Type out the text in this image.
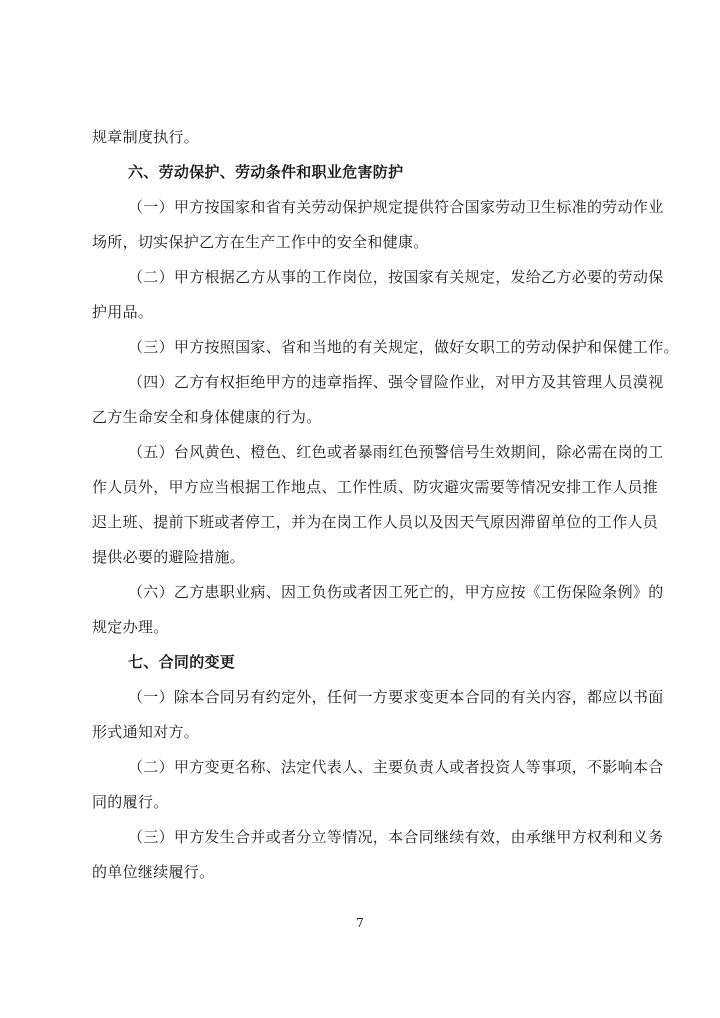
规章制度执行。
六、劳动保护、劳动条件和职业危害防护
（一）甲方按国家和省有关劳动保护规定提供符合国家劳动卫生标准的劳动作业
场所，切实保护乙方在生产工作中的安全和健康。
（二）甲方根据乙方从事的工作岗位，按国家有关规定，发给乙方必要的劳动保
护用品。
（三）甲方按照国家、省和当地的有关规定，做好女职工的劳动保护和保健工作。
（四）乙方有权拒绝甲方的违章指挥、强令冒险作业，对甲方及其管理人员漠视
乙方生命安全和身体健康的行为。
（五）台风黄色、橙色、红色或者暴雨红色预警信号生效期间，除必需在岗的工
作人员外，甲方应当根据工作地点、工作性质、防灾避灾需要等情况安排工作人员推
迟上班、提前下班或者停工，并为在岗工作人员以及因天气原因滞留单位的工作人员
提供必要的避险措施。
（六）乙方患职业病、因工负伤或者因工死亡的，甲方应按《工伤保险条例》的
规定办理。
七、合同的变更
（一）除本合同另有约定外，任何一方要求变更本合同的有关内容，都应以书面
形式通知对方。
（二）甲方变更名称、法定代表人、主要负责人或者投资人等事项，不影响本合
同的履行。
（三）甲方发生合并或者分立等情况，本合同继续有效，由承继甲方权利和义务
的单位继续履行。
7
